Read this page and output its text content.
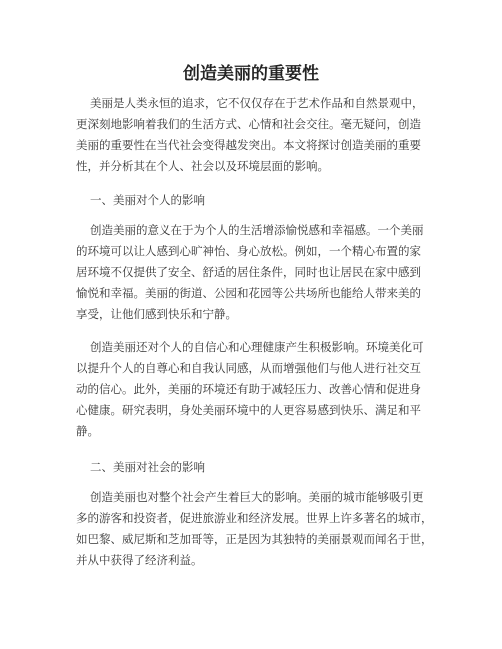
创造美丽的重要性
美丽是人类永恒的追求，它不仅仅存在于艺术作品和自然景观中，
更深刻地影响着我们的生活方式、心情和社会交往。毫无疑问，创造
美丽的重要性在当代社会变得越发突出。本文将探讨创造美丽的重要
性，并分析其在个人、社会以及环境层面的影响。
一、美丽对个人的影响
创造美丽的意义在于为个人的生活增添愉悦感和幸福感。一个美丽
的环境可以让人感到心旷神怡、身心放松。例如，一个精心布置的家
居环境不仅提供了安全、舒适的居住条件，同时也让居民在家中感到
愉悦和幸福。美丽的街道、公园和花园等公共场所也能给人带来美的
享受，让他们感到快乐和宁静。
创造美丽还对个人的自信心和心理健康产生积极影响。环境美化可
以提升个人的自尊心和自我认同感，从而增强他们与他人进行社交互
动的信心。此外，美丽的环境还有助于减轻压力、改善心情和促进身
心健康。研究表明，身处美丽环境中的人更容易感到快乐、满足和平
静。
二、美丽对社会的影响
创造美丽也对整个社会产生着巨大的影响。美丽的城市能够吸引更
多的游客和投资者，促进旅游业和经济发展。世界上许多著名的城市，
如巴黎、威尼斯和芝加哥等，正是因为其独特的美丽景观而闻名于世，
并从中获得了经济利益。
